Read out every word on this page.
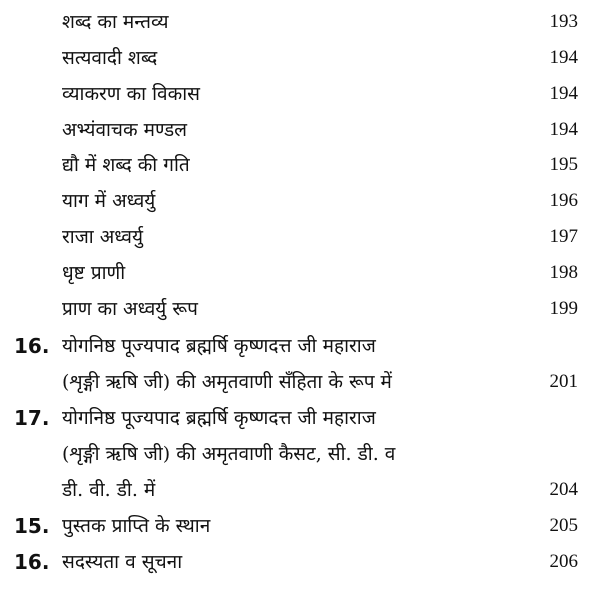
शब्द का मन्तव्य	193
सत्यवादी शब्द	194
व्याकरण का विकास	194
अभ्यंवाचक मण्डल	194
द्यौ में शब्द की गति	195
याग में अध्वर्यु	196
राजा अध्वर्यु	197
धृष्ट प्राणी	198
प्राण का अध्वर्यु रूप	199
16. योगनिष्ठ पूज्यपाद ब्रह्मर्षि कृष्णदत्त जी महाराज
(शृङ्गी ऋषि जी) की अमृतवाणी सँहिता के रूप में	201
17. योगनिष्ठ पूज्यपाद ब्रह्मर्षि कृष्णदत्त जी महाराज
(शृङ्गी ऋषि जी) की अमृतवाणी कैसट, सी. डी. व
डी. वी. डी. में	204
15. पुस्तक प्राप्ति के स्थान	205
16. सदस्यता व सूचना	206
